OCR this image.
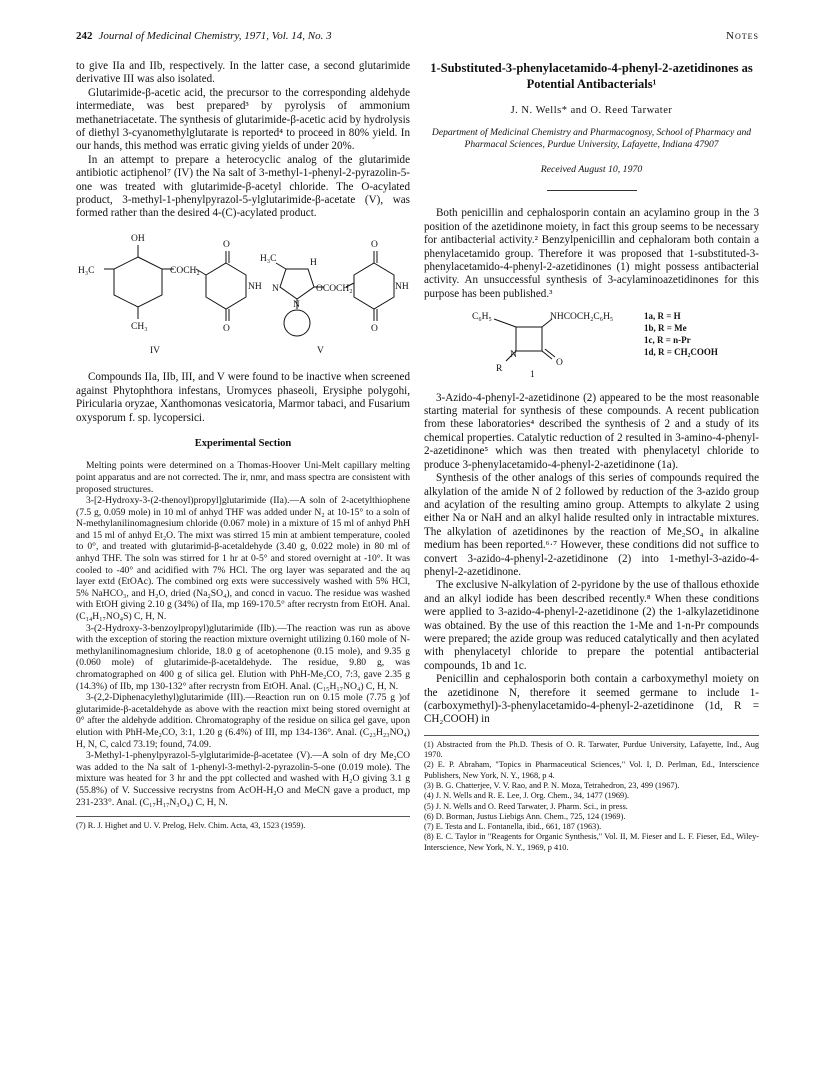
242 Journal of Medicinal Chemistry, 1971, Vol. 14, No. 3	Notes

to give IIa and IIb, respectively. In the latter case, a second glutarimide derivative III was also isolated.

Glutarimide-β-acetic acid, the precursor to the corresponding aldehyde intermediate, was best prepared³ by pyrolysis of ammonium methanetriacetate. The synthesis of glutarimide-β-acetic acid by hydrolysis of diethyl 3-cyanomethylglutarate is reported⁴ to proceed in 80% yield. In our hands, this method was erratic giving yields of under 20%.

In an attempt to prepare a heterocyclic analog of the glutarimide antibiotic actiphenol⁷ (IV) the Na salt of 3-methyl-1-phenyl-2-pyrazolin-5-one was treated with glutarimide-β-acetyl chloride. The O-acylated product, 3-methyl-1-phenylpyrazol-5-ylglutarimide-β-acetate (V), was formed rather than the desired 4-(C)-acylated product.

OH
H₃C	COCH₂
NH
CH₃
O
O
H₃C	H
N
N
OCOCH₂	NH
O
O
IV	V

Compounds IIa, IIb, III, and V were found to be inactive when screened against Phytophthora infestans, Uromyces phaseoli, Erysiphe polygohi, Piricularia oryzae, Xanthomonas vesicatoria, Marmor tabaci, and Fusarium oxysporum f. sp. lycopersici.

Experimental Section

Melting points were determined on a Thomas-Hoover Uni-Melt capillary melting point apparatus and are not corrected. The ir, nmr, and mass spectra are consistent with proposed structures.

3-[2-Hydroxy-3-(2-thenoyl)propyl]glutarimide (IIa).—A soln of 2-acetylthiophene (7.5 g, 0.059 mole) in 10 ml of anhyd THF was added under N₂ at 10-15° to a soln of N-methylanilinomagnesium chloride (0.067 mole) in a mixture of 15 ml of anhyd PhH and 15 ml of anhyd Et₂O. The mixt was stirred 15 min at ambient temperature, cooled to 0°, and treated with glutarimid-β-acetaldehyde (3.40 g, 0.022 mole) in 80 ml of anhyd THF. The soln was stirred for 1 hr at 0-5° and stored overnight at -10°. It was cooled to -40° and acidified with 7% HCl. The org layer was separated and the aq layer extd (EtOAc). The combined org exts were successively washed with 5% HCl, 5% NaHCO₃, and H₂O, dried (Na₂SO₄), and concd in vacuo. The residue was washed with EtOH giving 2.10 g (34%) of IIa, mp 169-170.5° after recrystn from EtOH. Anal. (C₁₄H₁₇NO₄S) C, H, N.

3-(2-Hydroxy-3-benzoylpropyl)glutarimide (IIb).—The reaction was run as above with the exception of storing the reaction mixture overnight utilizing 0.160 mole of N-methylanilinomagnesium chloride, 18.0 g of acetophenone (0.15 mole), and 9.35 g (0.060 mole) of glutarimide-β-acetaldehyde. The residue, 9.80 g, was chromatographed on 400 g of silica gel. Elution with PhH-Me₂CO, 7:3, gave 2.35 g (14.3%) of IIb, mp 130-132° after recrystn from EtOH. Anal. (C₁₅H₁₇NO₄) C, H, N.

3-(2,2-Diphenacylethyl)glutarimide (III).—Reaction run on 0.15 mole (7.75 g )of glutarimide-β-acetaldehyde as above with the reaction mixt being stored overnight at 0° after the aldehyde addition. Chromatography of the residue on silica gel gave, upon elution with PhH-Me₂CO, 3:1, 1.20 g (6.4%) of III, mp 134-136°. Anal. (C₂₃H₂₃NO₄) H, N, C, calcd 73.19; found, 74.09.

3-Methyl-1-phenylpyrazol-5-ylglutarimide-β-acetatee (V).—A soln of dry Me₂CO was added to the Na salt of 1-phenyl-3-methyl-2-pyrazolin-5-one (0.019 mole). The mixture was heated for 3 hr and the ppt collected and washed with H₂O giving 3.1 g (55.8%) of V. Successive recrystns from AcOH-H₂O and MeCN gave a product, mp 231-233°. Anal. (C₁₇H₁₇N₃O₄) C, H, N.

(7) R. J. Highet and U. V. Prelog, Helv. Chim. Acta, 43, 1523 (1959).
1-Substituted-3-phenylacetamido-4-phenyl-2-azetidinones as Potential Antibacterials¹
J. N. Wells* and O. Reed Tarwater
Department of Medicinal Chemistry and Pharmacognosy, School of Pharmacy and Pharmacal Sciences, Purdue University, Lafayette, Indiana 47907
Received August 10, 1970

Both penicillin and cephalosporin contain an acylamino group in the 3 position of the azetidinone moiety, in fact this group seems to be necessary for antibacterial activity.² Benzylpenicillin and cephaloram both contain a phenylacetamido group. Therefore it was proposed that 1-substituted-3-phenylacetamido-4-phenyl-2-azetidinones (1) might possess antibacterial activity. An unsuccessful synthesis of 3-acylaminoazetidinones for this purpose has been published.³

C₆H₅	NHCOCH₂C₆H₅
N
O
R
1
1a, R = H
1b, R = Me
1c, R = n-Pr
1d, R = CH₂COOH

3-Azido-4-phenyl-2-azetidinone (2) appeared to be the most reasonable starting material for synthesis of these compounds. A recent publication from these laboratories⁴ described the synthesis of 2 and a study of its chemical properties. Catalytic reduction of 2 resulted in 3-amino-4-phenyl-2-azetidinone⁵ which was then treated with phenylacetyl chloride to produce 3-phenylacetamido-4-phenyl-2-azetidinone (1a).

Synthesis of the other analogs of this series of compounds required the alkylation of the amide N of 2 followed by reduction of the 3-azido group and acylation of the resulting amino group. Attempts to alkylate 2 using either Na or NaH and an alkyl halide resulted only in intractable mixtures. The alkylation of azetidinones by the reaction of Me₂SO₄ in alkaline medium has been reported.⁶·⁷ However, these conditions did not suffice to convert 3-azido-4-phenyl-2-azetidinone (2) into 1-methyl-3-azido-4-phenyl-2-azetidinone.

The exclusive N-alkylation of 2-pyridone by the use of thallous ethoxide and an alkyl iodide has been described recently.⁸ When these conditions were applied to 3-azido-4-phenyl-2-azetidinone (2) the 1-alkylazetidinone was obtained. By the use of this reaction the 1-Me and 1-n-Pr compounds were prepared; the azide group was reduced catalytically and then acylated with phenylacetyl chloride to prepare the potential antibacterial compounds, 1b and 1c.

Penicillin and cephalosporin both contain a carboxymethyl moiety on the azetidinone N, therefore it seemed germane to include 1-(carboxymethyl)-3-phenylacetamido-4-phenyl-2-azetidinone (1d, R = CH₂COOH) in

(1) Abstracted from the Ph.D. Thesis of O. R. Tarwater, Purdue University, Lafayette, Ind., Aug 1970.
(2) E. P. Abraham, "Topics in Pharmaceutical Sciences," Vol. I, D. Perlman, Ed., Interscience Publishers, New York, N. Y., 1968, p 4.
(3) B. G. Chatterjee, V. V. Rao, and P. N. Moza, Tetrahedron, 23, 499 (1967).
(4) J. N. Wells and R. E. Lee, J. Org. Chem., 34, 1477 (1969).
(5) J. N. Wells and O. Reed Tarwater, J. Pharm. Sci., in press.
(6) D. Borman, Justus Liebigs Ann. Chem., 725, 124 (1969).
(7) E. Testa and L. Fontanella, ibid., 661, 187 (1963).
(8) E. C. Taylor in "Reagents for Organic Synthesis," Vol. II, M. Fieser and L. F. Fieser, Ed., Wiley-Interscience, New York, N. Y., 1969, p 410.
